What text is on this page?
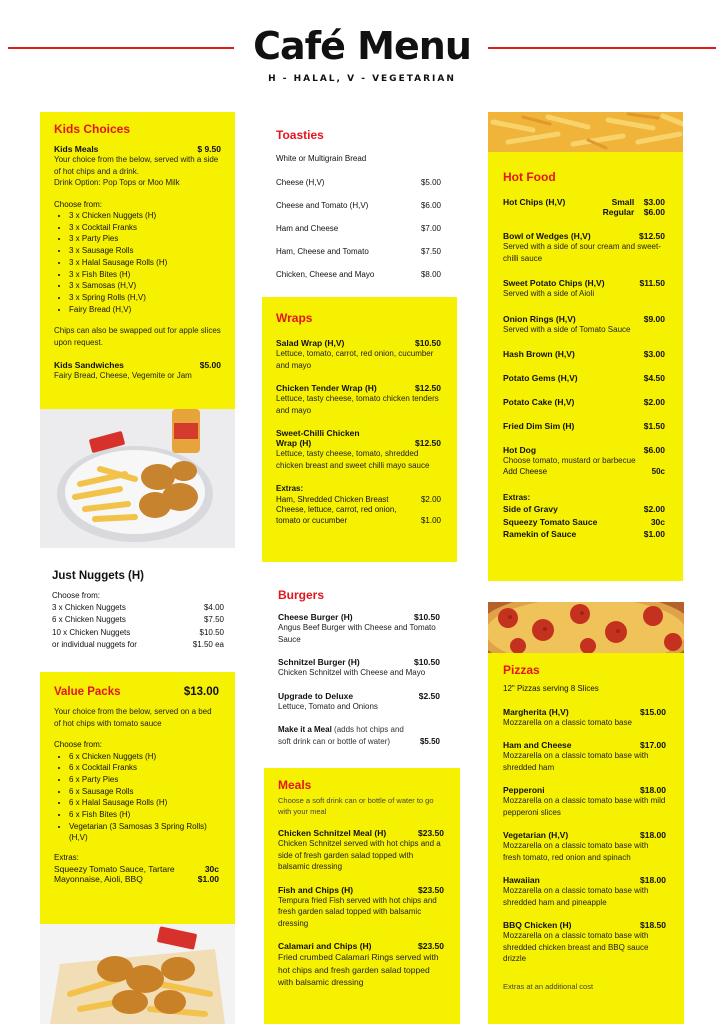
Café Menu
H - HALAL, V - VEGETARIAN
Kids Choices
Kids Meals	$ 9.50
Your choice from the below, served with a side of hot chips and a drink.
Drink Option: Pop Tops or Moo Milk
Choose from:
• 3 x Chicken Nuggets (H)
• 3 x Cocktail Franks
• 3 x Party Pies
• 3 x Sausage Rolls
• 3 x Halal Sausage Rolls (H)
• 3 x Fish Bites (H)
• 3 x Samosas (H,V)
• 3 x Spring Rolls (H,V)
• Fairy Bread (H,V)
Chips can also be swapped out for apple slices upon request.
Kids Sandwiches	$5.00
Fairy Bread, Cheese, Vegemite or Jam
Just Nuggets (H)
Choose from:
3 x Chicken Nuggets	$4.00
6 x Chicken Nuggets	$7.50
10 x Chicken Nuggets	$10.50
or individual nuggets for	$1.50 ea
Value Packs	$13.00
Your choice from the below, served on a bed of hot chips with tomato sauce
Choose from:
• 6 x Chicken Nuggets (H)
• 6 x Cocktail Franks
• 6 x Party Pies
• 6 x Sausage Rolls
• 6 x Halal Sausage Rolls (H)
• 6 x Fish Bites (H)
• Vegetarian (3 Samosas 3 Spring Rolls) (H,V)
Extras:
Squeezy Tomato Sauce, Tartare	30c
Mayonnaise, Aioli, BBQ	$1.00
Toasties
White or Multigrain Bread
Cheese (H,V)	$5.00
Cheese and Tomato (H,V)	$6.00
Ham and Cheese	$7.00
Ham, Cheese and Tomato	$7.50
Chicken, Cheese and Mayo	$8.00
Wraps
Salad Wrap (H,V)	$10.50
Lettuce, tomato, carrot, red onion, cucumber and mayo
Chicken Tender Wrap (H)	$12.50
Lettuce, tasty cheese, tomato chicken tenders and mayo
Sweet-Chilli Chicken
Wrap (H)	$12.50
Lettuce, tasty cheese, tomato, shredded chicken breast and sweet chilli mayo sauce
Extras:
Ham, Shredded Chicken Breast	$2.00
Cheese, lettuce, carrot, red onion, tomato or cucumber	$1.00
Burgers
Cheese Burger (H)	$10.50
Angus Beef Burger with Cheese and Tomato Sauce
Schnitzel Burger (H)	$10.50
Chicken Schnitzel with Cheese and Mayo
Upgrade to Deluxe	$2.50
Lettuce, Tomato and Onions
Make it a Meal (adds hot chips and soft drink can or bottle of water)	$5.50
Meals
Choose a soft drink can or bottle of water to go with your meal
Chicken Schnitzel Meal (H)	$23.50
Chicken Schnitzel served with hot chips and a side of fresh garden salad topped with balsamic dressing
Fish and Chips (H)	$23.50
Tempura fried Fish served with hot chips and fresh garden salad topped with balsamic dressing
Calamari and Chips (H)	$23.50
Fried crumbed Calamari Rings served with hot chips and fresh garden salad topped with balsamic dressing
Hot Food
Hot Chips (H,V)	Small $3.00
Regular $6.00
Bowl of Wedges (H,V)	$12.50
Served with a side of sour cream and sweet-chilli sauce
Sweet Potato Chips (H,V)	$11.50
Served with a side of Aioli
Onion Rings (H,V)	$9.00
Served with a side of Tomato Sauce
Hash Brown (H,V)	$3.00
Potato Gems (H,V)	$4.50
Potato Cake (H,V)	$2.00
Fried Dim Sim (H)	$1.50
Hot Dog	$6.00
Choose tomato, mustard or barbecue
Add Cheese	50c
Extras:
Side of Gravy	$2.00
Squeezy Tomato Sauce	30c
Ramekin of Sauce	$1.00
Pizzas
12" Pizzas serving 8 Slices
Margherita (H,V)	$15.00
Mozzarella on a classic tomato base
Ham and Cheese	$17.00
Mozzarella on a classic tomato base with shredded ham
Pepperoni	$18.00
Mozzarella on a classic tomato base with mild pepperoni slices
Vegetarian (H,V)	$18.00
Mozzarella on a classic tomato base with fresh tomato, red onion and spinach
Hawaiian	$18.00
Mozzarella on a classic tomato base with shredded ham and pineapple
BBQ Chicken (H)	$18.50
Mozzarella on a classic tomato base with shredded chicken breast and BBQ sauce drizzle
Extras at an additional cost
